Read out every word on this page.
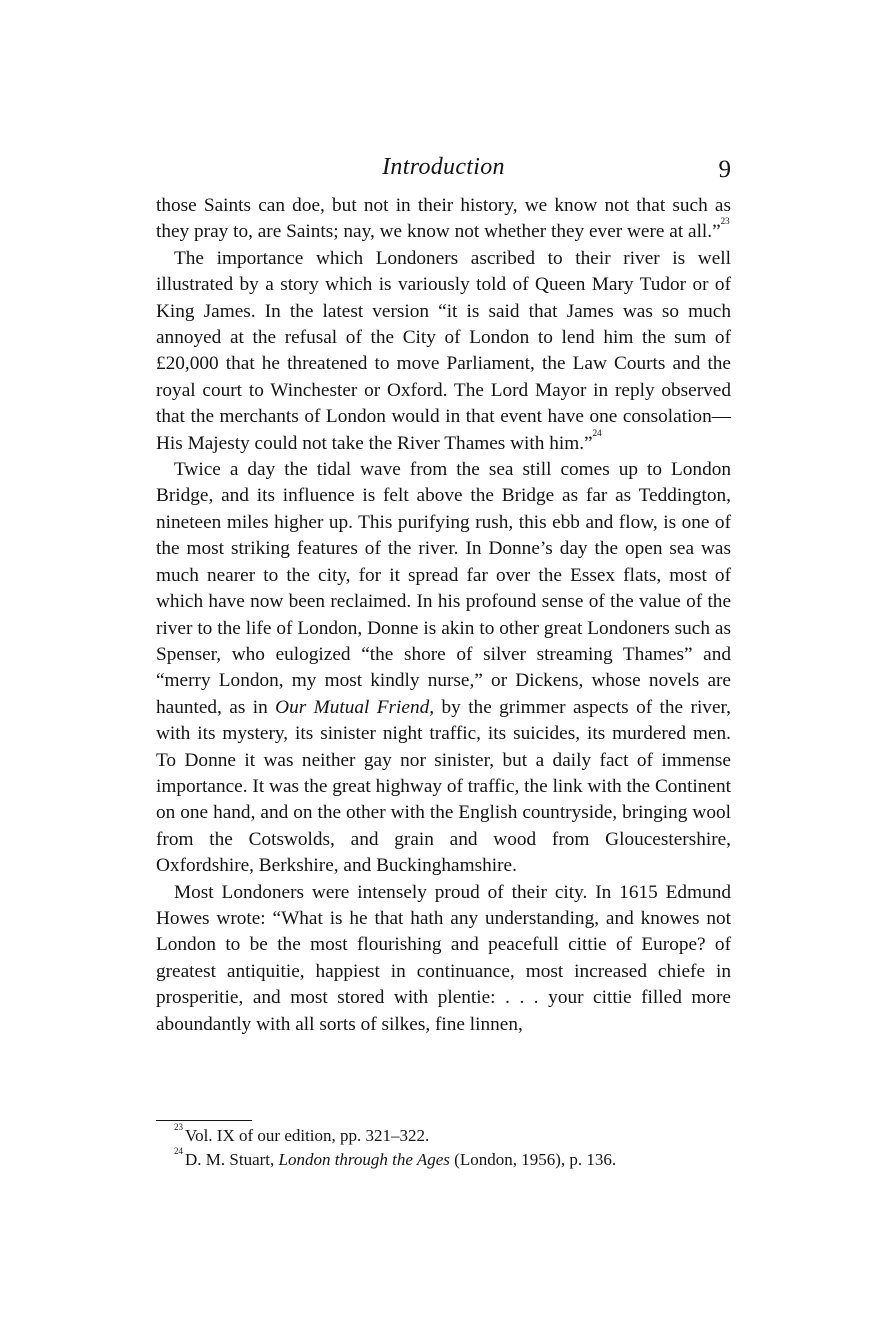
Introduction	9

those Saints can doe, but not in their history, we know not that such as they pray to, are Saints; nay, we know not whether they ever were at all.”$^{23}$

The importance which Londoners ascribed to their river is well illustrated by a story which is variously told of Queen Mary Tudor or of King James. In the latest version “it is said that James was so much annoyed at the refusal of the City of London to lend him the sum of £20,000 that he threatened to move Parliament, the Law Courts and the royal court to Winchester or Oxford. The Lord Mayor in reply observed that the merchants of London would in that event have one consolation—His Majesty could not take the River Thames with him.”$^{24}$

Twice a day the tidal wave from the sea still comes up to London Bridge, and its influence is felt above the Bridge as far as Teddington, nineteen miles higher up. This purifying rush, this ebb and flow, is one of the most striking features of the river. In Donne’s day the open sea was much nearer to the city, for it spread far over the Essex flats, most of which have now been reclaimed. In his profound sense of the value of the river to the life of London, Donne is akin to other great Londoners such as Spenser, who eulogized “the shore of silver streaming Thames” and “merry London, my most kindly nurse,” or Dickens, whose novels are haunted, as in Our Mutual Friend, by the grimmer aspects of the river, with its mystery, its sinister night traffic, its suicides, its murdered men. To Donne it was neither gay nor sinister, but a daily fact of immense importance. It was the great highway of traffic, the link with the Continent on one hand, and on the other with the English countryside, bringing wool from the Cotswolds, and grain and wood from Gloucestershire, Oxfordshire, Berkshire, and Buckinghamshire.

Most Londoners were intensely proud of their city. In 1615 Edmund Howes wrote: “What is he that hath any understanding, and knowes not London to be the most flourishing and peacefull cittie of Europe? of greatest antiquitie, happiest in continuance, most increased chiefe in prosperitie, and most stored with plentie: . . . your cittie filled more aboundantly with all sorts of silkes, fine linnen,

$^{23}$ Vol. IX of our edition, pp. 321–322.

$^{24}$ D. M. Stuart, London through the Ages (London, 1956), p. 136.
